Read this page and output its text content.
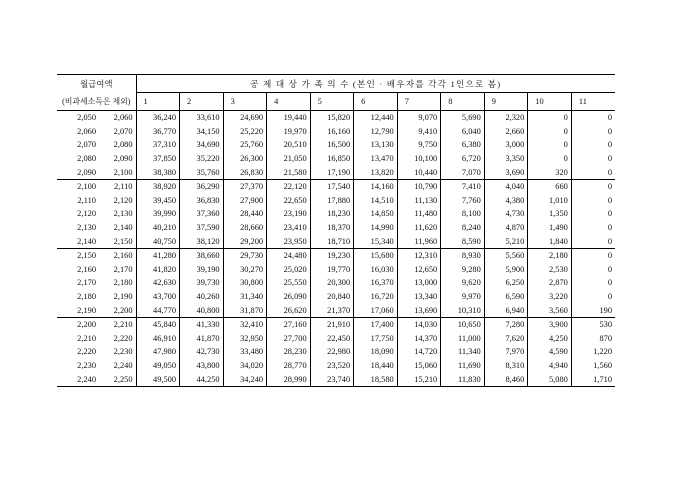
월급여액		공 제 대 상 가 족 의 수 (본인 · 배우자를 각각 1인으로 봄)										
(비과세소득은 제외)		1	2	3	4	5	6	7	8	9	10	11
2,050	2,060	36,240	33,610	24,690	19,440	15,820	12,440	9,070	5,690	2,320	0	0
2,060	2,070	36,770	34,150	25,220	19,970	16,160	12,790	9,410	6,040	2,660	0	0
2,070	2,080	37,310	34,690	25,760	20,510	16,500	13,130	9,750	6,380	3,000	0	0
2,080	2,090	37,850	35,220	26,300	21,050	16,850	13,470	10,100	6,720	3,350	0	0
2,090	2,100	38,380	35,760	26,830	21,580	17,190	13,820	10,440	7,070	3,690	320	0
2,100	2,110	38,920	36,290	27,370	22,120	17,540	14,160	10,790	7,410	4,040	660	0
2,110	2,120	39,450	36,830	27,900	22,650	17,880	14,510	11,130	7,760	4,380	1,010	0
2,120	2,130	39,990	37,360	28,440	23,190	18,230	14,850	11,480	8,100	4,730	1,350	0
2,130	2,140	40,210	37,590	28,660	23,410	18,370	14,990	11,620	8,240	4,870	1,490	0
2,140	2,150	40,750	38,120	29,200	23,950	18,710	15,340	11,960	8,590	5,210	1,840	0
2,150	2,160	41,280	38,660	29,730	24,480	19,230	15,680	12,310	8,930	5,560	2,180	0
2,160	2,170	41,820	39,190	30,270	25,020	19,770	16,030	12,650	9,280	5,900	2,530	0
2,170	2,180	42,630	39,730	30,800	25,550	20,300	16,370	13,000	9,620	6,250	2,870	0
2,180	2,190	43,700	40,260	31,340	26,090	20,840	16,720	13,340	9,970	6,590	3,220	0
2,190	2,200	44,770	40,800	31,870	26,620	21,370	17,060	13,690	10,310	6,940	3,560	190
2,200	2,210	45,840	41,330	32,410	27,160	21,910	17,400	14,030	10,650	7,280	3,900	530
2,210	2,220	46,910	41,870	32,950	27,700	22,450	17,750	14,370	11,000	7,620	4,250	870
2,220	2,230	47,980	42,730	33,480	28,230	22,980	18,090	14,720	11,340	7,970	4,590	1,220
2,230	2,240	49,050	43,800	34,020	28,770	23,520	18,440	15,060	11,690	8,310	4,940	1,560
2,240	2,250	49,500	44,250	34,240	28,990	23,740	18,580	15,210	11,830	8,460	5,080	1,710
